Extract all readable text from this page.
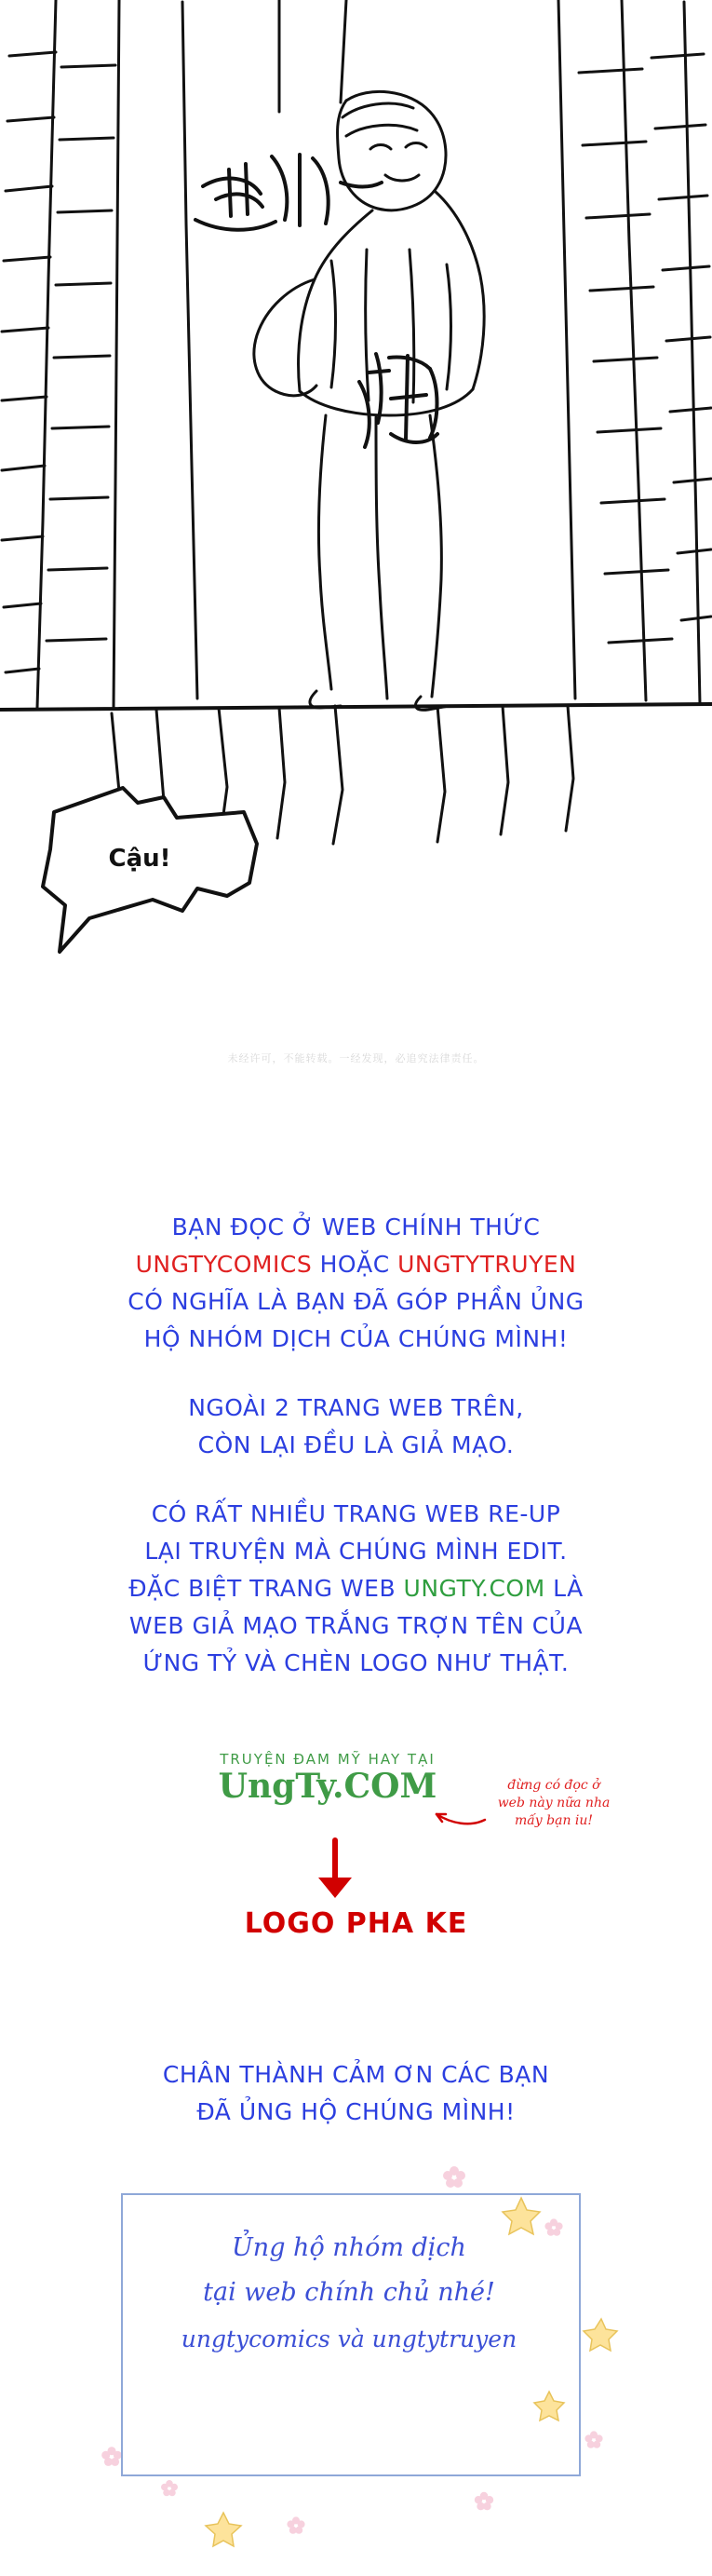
Cậu!
未经许可，不能转载。一经发现，必追究法律责任。

BẠN ĐỌC Ở WEB CHÍNH THỨC

UNGTYCOMICS HOẶC UNGTYTRUYEN

CÓ NGHĨA LÀ BẠN ĐÃ GÓP PHẦN ỦNG

HỘ NHÓM DỊCH CỦA CHÚNG MÌNH!

NGOÀI 2 TRANG WEB TRÊN,

CÒN LẠI ĐỀU LÀ GIẢ MẠO.

CÓ RẤT NHIỀU TRANG WEB RE-UP

LẠI TRUYỆN MÀ CHÚNG MÌNH EDIT.

ĐẶC BIỆT TRANG WEB UNGTY.COM LÀ

WEB GIẢ MẠO TRẮNG TRỢN TÊN CỦA

ỨNG TỶ VÀ CHÈN LOGO NHƯ THẬT.

TRUYỆN ĐAM MỸ HAY TẠI
UngTy.COM	đừng có đọc ở
web này nữa nha
mấy bạn iu!
LOGO PHA KE

CHÂN THÀNH CẢM ƠN CÁC BẠN

ĐÃ ỦNG HỘ CHÚNG MÌNH!

Ủng hộ nhóm dịch
tại web chính chủ nhé!
ungtycomics và ungtytruyen
